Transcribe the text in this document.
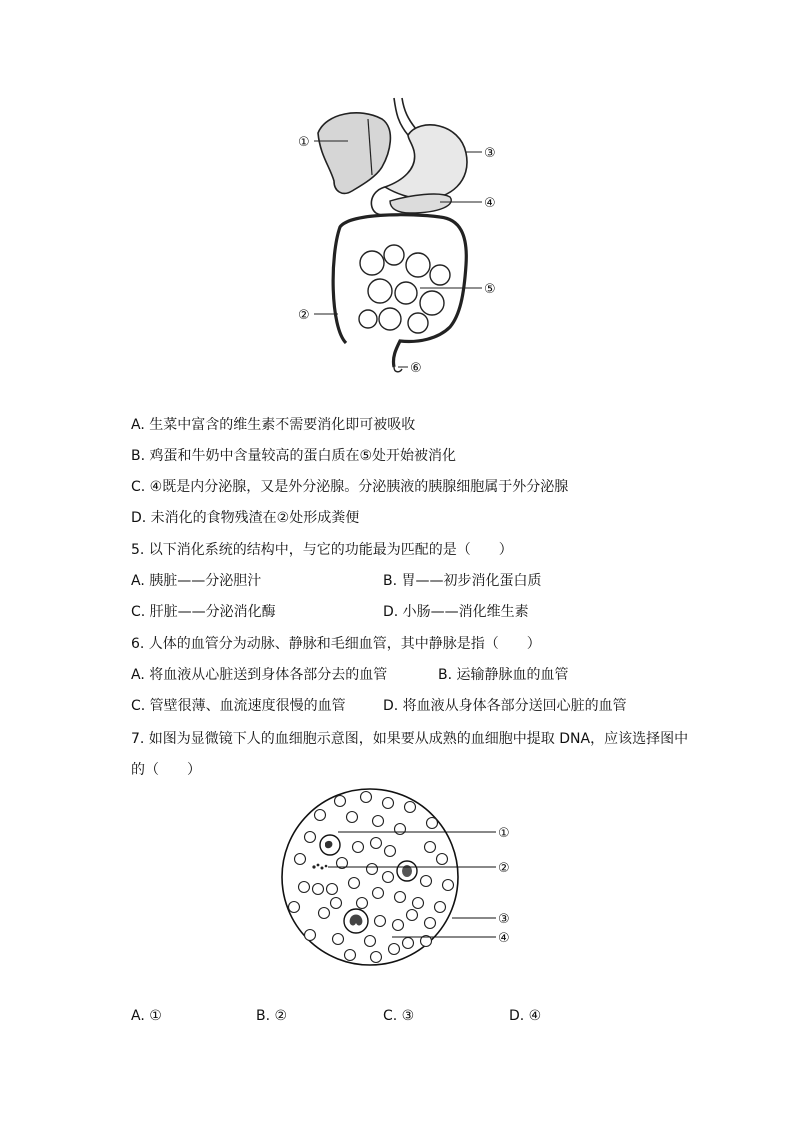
①
②
③
④
⑤
⑥
A. 生菜中富含的维生素不需要消化即可被吸收
B. 鸡蛋和牛奶中含量较高的蛋白质在⑤处开始被消化
C. ④既是内分泌腺，又是外分泌腺。分泌胰液的胰腺细胞属于外分泌腺
D. 未消化的食物残渣在②处形成粪便
5. 以下消化系统的结构中，与它的功能最为匹配的是（　　）
A. 胰脏——分泌胆汁	B. 胃——初步消化蛋白质
C. 肝脏——分泌消化酶	D. 小肠——消化维生素
6. 人体的血管分为动脉、静脉和毛细血管，其中静脉是指（　　）
A. 将血液从心脏送到身体各部分去的血管	B. 运输静脉血的血管
C. 管壁很薄、血流速度很慢的血管	D. 将血液从身体各部分送回心脏的血管
7. 如图为显微镜下人的血细胞示意图，如果要从成熟的血细胞中提取 DNA，应该选择图中
的（　　）
①
②
③
④
A. ①	B. ②	C. ③	D. ④
